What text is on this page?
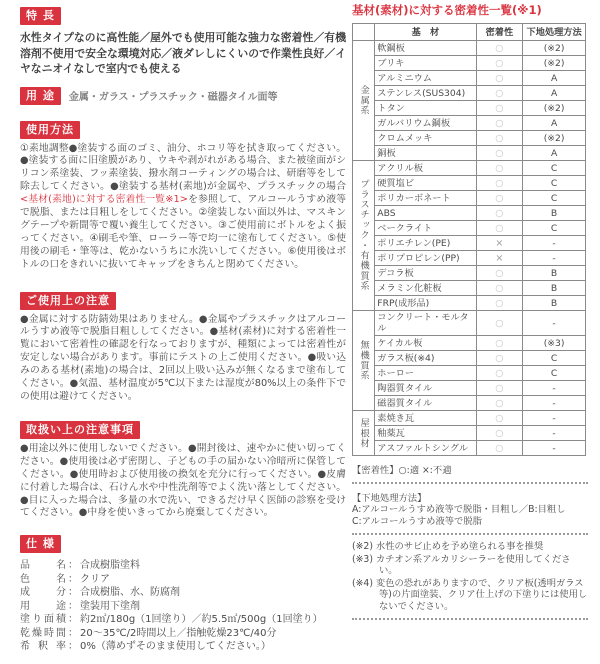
特 長

水性タイプなのに高性能／屋外でも使用可能な強力な密着性／有機溶剤不使用で安全な環境対応／液ダレしにくいので作業性良好／イヤなニオイなしで室内でも使える

用 途	金属・ガラス・プラスチック・磁器タイル面等
使用方法

①素地調整●塗装する面のゴミ、油分、ホコリ等を拭き取ってください。●塗装する面に旧塗膜があり、ウキや剥がれがある場合、また被塗面がシリコン系塗装、フッ素塗装、撥水剤コーティングの場合は、研磨等をして除去してください。●塗装する基材(素地)が金属や、プラスチックの場合<基材(素地)に対する密着性一覧※1>を参照して、アルコールうすめ液等で脱脂、または目粗しをしてください。②塗装しない面以外は、マスキングテープや新聞等で覆い養生してください。③ご使用前にボトルをよく振ってください。④刷毛や筆、ローラー等で均一に塗布してください。⑤使用後の刷毛・筆等は、乾かないうちに水洗いしてください。⑥使用後はボトルの口をきれいに抜いてキャップをきちんと閉めてください。

ご使用上の注意

●金属に対する防錆効果はありません。●金属やプラスチックはアルコールうすめ液等で脱脂目粗ししてください。●基材(素材)に対する密着性一覧において密着性の確認を行なっておりますが、種類によっては密着性が安定しない場合があります。事前にテストの上ご使用ください。●吸い込みのある基材(素地)の場合は、2回以上吸い込みが無くなるまで塗布してください。●気温、基材温度が5℃以下または湿度が80%以上の条件下での使用は避けてください。

取扱い上の注意事項

●用途以外に使用しないでください。●開封後は、速やかに使い切ってください。●使用後は必ず密閉し、子どもの手の届かない冷暗所に保管してください。●使用時および使用後の換気を充分に行ってください。●皮膚に付着した場合は、石けん水や中性洗剤等でよく洗い落としてください。●目に入った場合は、多量の水で洗い、できるだけ早く医師の診察を受けてください。●中身を使いきってから廃棄してください。

仕 様
品名 ： 合成樹脂塗料
色名 ： クリア
成分 ： 合成樹脂、水、防腐剤
用途 ： 塗装用下塗剤
塗り面積 ： 約2㎡/180g（1回塗り）／約5.5㎡/500g（1回塗り）
乾燥時間 ： 20～35℃/2時間以上／指触乾燥23℃/40分
希釈率 ： 0%（薄めずそのまま使用してください。）
基材(素材)に対する密着性一覧(※1)
	基　材	密着性	下地処理方法
金属系	軟鋼板	○	(※2)
	ブリキ	○	(※2)
	アルミニウム	○	A
	ステンレス(SUS304)	○	A
	トタン	○	(※2)
	ガルバリウム鋼板	○	A
	クロムメッキ	○	(※2)
	銅板	○	A
プラスチック・有機質系	アクリル板	○	C
	硬質塩ビ	○	C
	ポリカーボネート	○	C
	ABS	○	B
	ベークライト	○	C
	ポリエチレン(PE)	×	-
	ポリプロピレン(PP)	×	-
	デコラ板	○	B
	メラミン化粧板	○	B
	FRP(成形品)	○	B
無機質系	コンクリート・モルタル	○	-
	ケイカル板	○	(※3)
	ガラス板(※4)	○	C
	ホーロー	○	C
	陶器質タイル	○	-
	磁器質タイル	○	-
屋根材	素焼き瓦	○	-
	釉薬瓦	○	-
	アスファルトシングル	○	-
【密着性】○:適 ×:不適
【下地処理方法】
A:アルコールうすめ液等で脱脂・目粗し／B:目粗し
C:アルコールうすめ液等で脱脂
(※2) 水性のサビ止めを予め塗られる事を推奨
(※3) カチオン系アルカリシーラーを使用してください。
(※4) 変色の恐れがありますので、クリア板(透明ガラス等)の片面塗装、クリア仕上げの下塗りには使用しないでください。
